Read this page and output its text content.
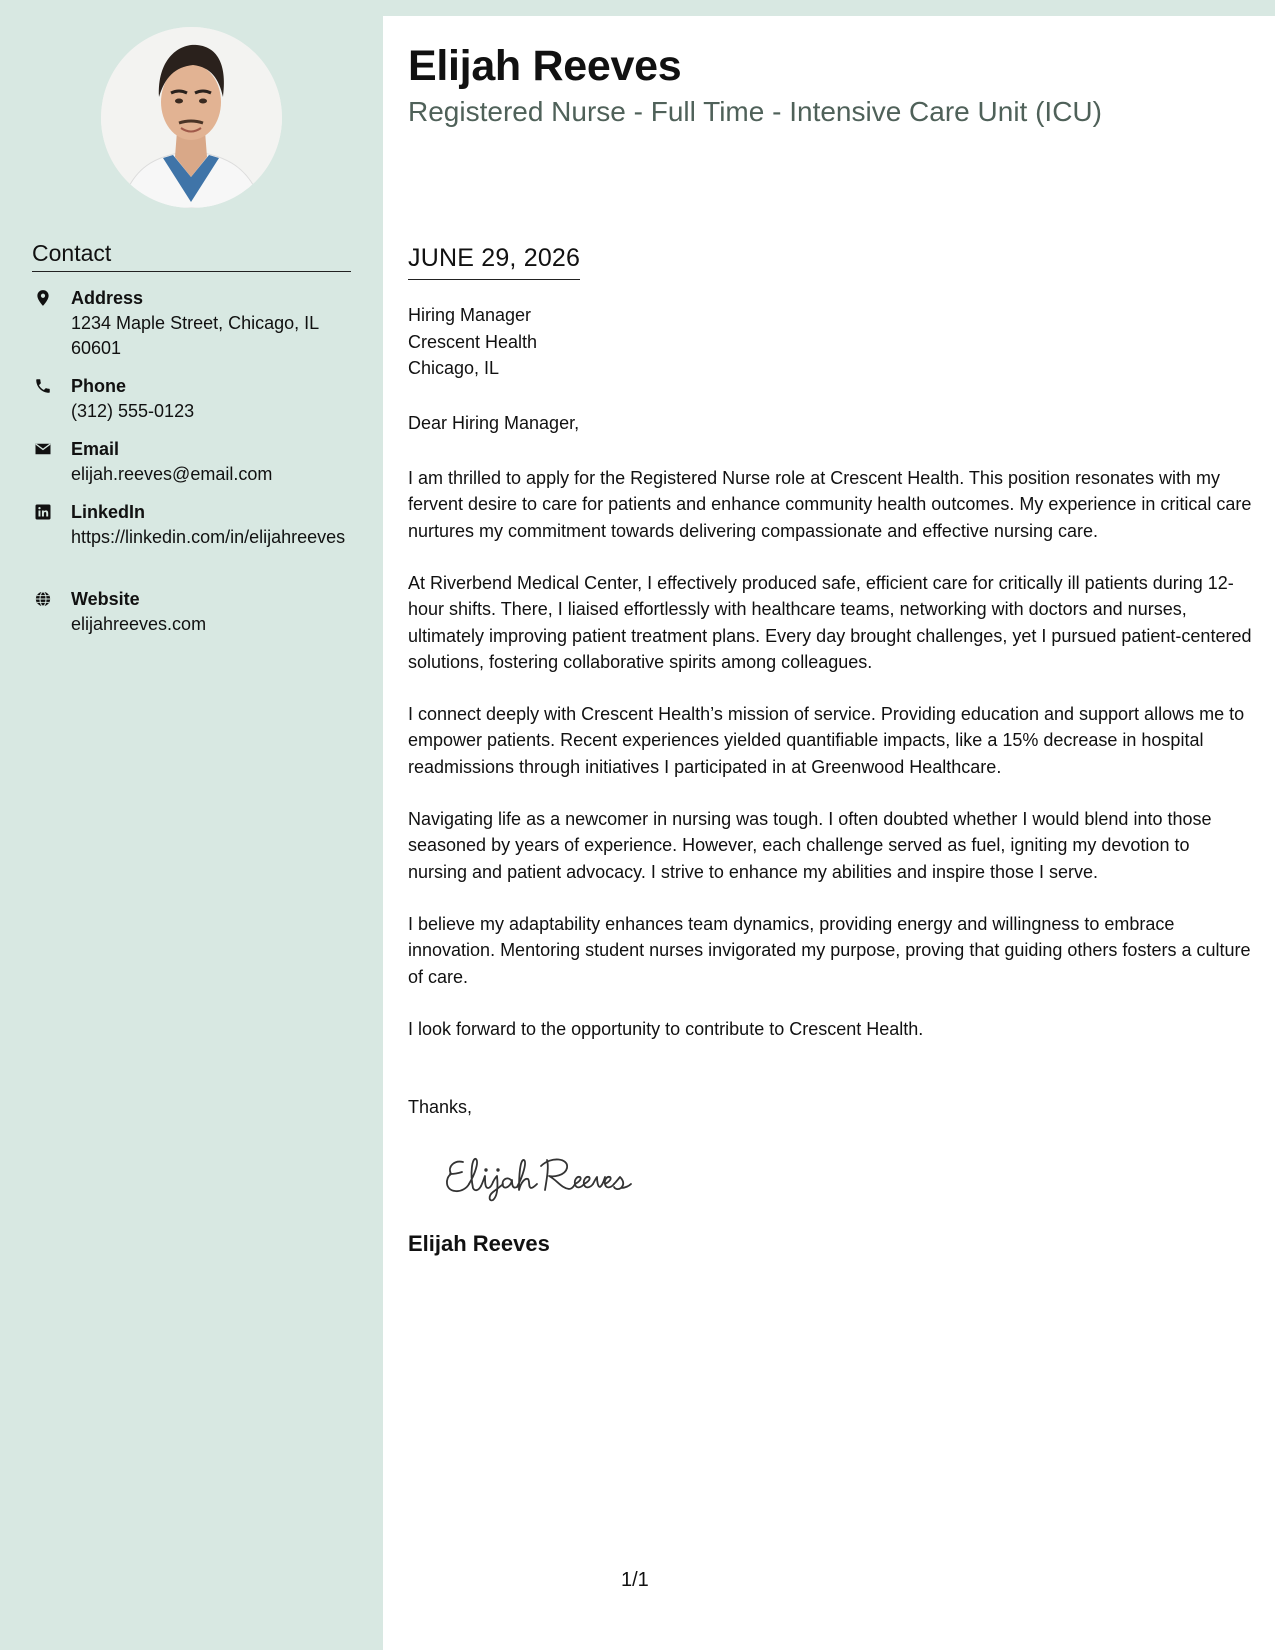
Contact
Address
1234 Maple Street, Chicago, IL 60601
Phone
(312) 555-0123
Email
elijah.reeves@email.com
LinkedIn
https://linkedin.com/in/elijahreeves
Website
elijahreeves.com
Elijah Reeves
Registered Nurse - Full Time - Intensive Care Unit (ICU)
JUNE 29, 2026
Hiring Manager
Crescent Health
Chicago, IL
Dear Hiring Manager,
I am thrilled to apply for the Registered Nurse role at Crescent Health. This position resonates with my fervent desire to care for patients and enhance community health outcomes. My experience in critical care nurtures my commitment towards delivering compassionate and effective nursing care.
At Riverbend Medical Center, I effectively produced safe, efficient care for critically ill patients during 12-hour shifts. There, I liaised effortlessly with healthcare teams, networking with doctors and nurses, ultimately improving patient treatment plans. Every day brought challenges, yet I pursued patient-centered solutions, fostering collaborative spirits among colleagues.
I connect deeply with Crescent Health’s mission of service. Providing education and support allows me to empower patients. Recent experiences yielded quantifiable impacts, like a 15% decrease in hospital readmissions through initiatives I participated in at Greenwood Healthcare.
Navigating life as a newcomer in nursing was tough. I often doubted whether I would blend into those seasoned by years of experience. However, each challenge served as fuel, igniting my devotion to nursing and patient advocacy. I strive to enhance my abilities and inspire those I serve.
I believe my adaptability enhances team dynamics, providing energy and willingness to embrace innovation. Mentoring student nurses invigorated my purpose, proving that guiding others fosters a culture of care.
I look forward to the opportunity to contribute to Crescent Health.
Thanks,
Elijah Reeves
1/1
